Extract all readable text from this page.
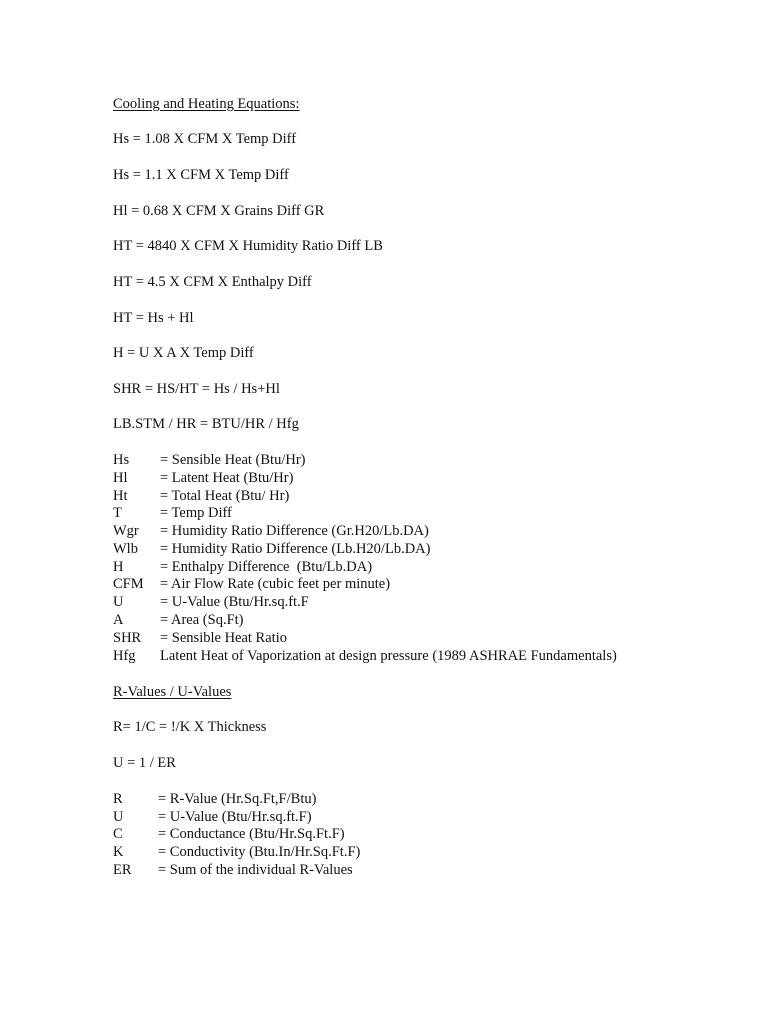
Cooling and Heating Equations:
Hs = 1.08 X CFM X Temp Diff
Hs = 1.1 X CFM X Temp Diff
Hl = 0.68 X CFM X Grains Diff GR
HT = 4840 X CFM X Humidity Ratio Diff LB
HT = 4.5 X CFM X Enthalpy Diff
HT = Hs + Hl
H = U X A X Temp Diff
SHR = HS/HT = Hs / Hs+Hl
LB.STM / HR = BTU/HR / Hfg
Hs = Sensible Heat (Btu/Hr)
Hl = Latent Heat (Btu/Hr)
Ht = Total Heat (Btu/ Hr)
T	= Temp Diff
Wgr = Humidity Ratio Difference (Gr.H20/Lb.DA)
Wlb = Humidity Ratio Difference (Lb.H20/Lb.DA)
H	= Enthalpy Difference  (Btu/Lb.DA)
CFM = Air Flow Rate (cubic feet per minute)
U	= U-Value (Btu/Hr.sq.ft.F
A	= Area (Sq.Ft)
SHR = Sensible Heat Ratio
Hfg Latent Heat of Vaporization at design pressure (1989 ASHRAE Fundamentals)
R-Values / U-Values
R= 1/C = !/K X Thickness
U = 1 / ER
R = R-Value (Hr.Sq.Ft,F/Btu)
U = U-Value (Btu/Hr.sq.ft.F)
C = Conductance (Btu/Hr.Sq.Ft.F)
K = Conductivity (Btu.In/Hr.Sq.Ft.F)
ER = Sum of the individual R-Values
